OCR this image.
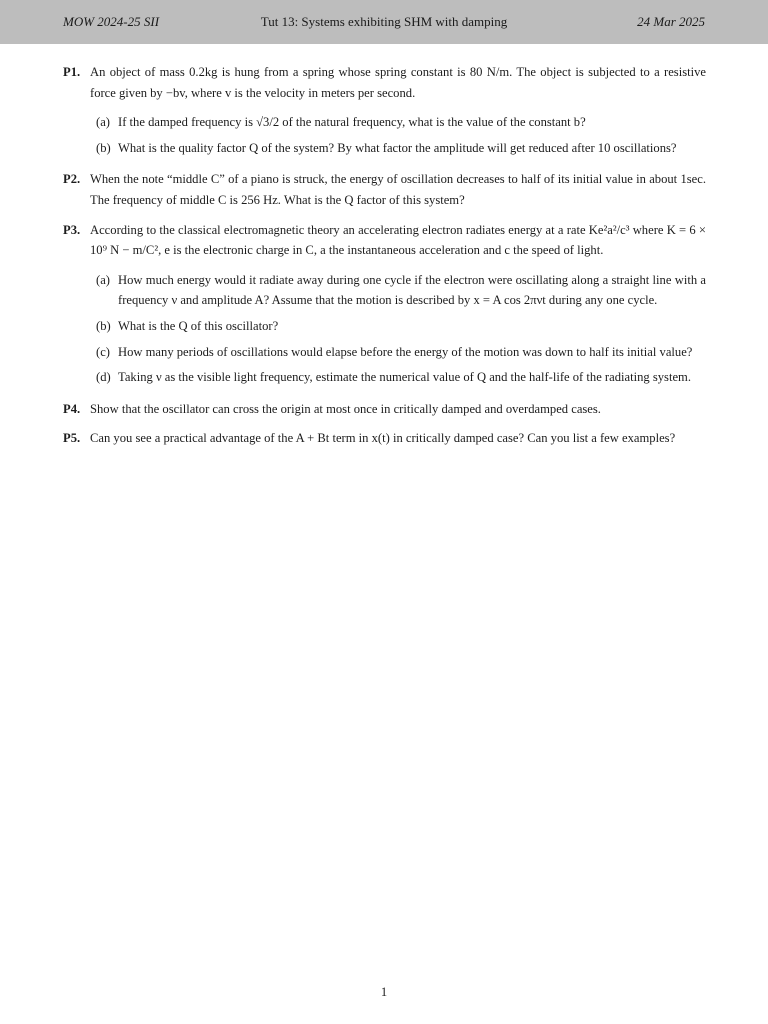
MOW 2024-25 SII	Tut 13: Systems exhibiting SHM with damping	24 Mar 2025
P1. An object of mass 0.2kg is hung from a spring whose spring constant is 80 N/m. The object is subjected to a resistive force given by −bv, where v is the velocity in meters per second.
(a) If the damped frequency is √3/2 of the natural frequency, what is the value of the constant b?
(b) What is the quality factor Q of the system? By what factor the amplitude will get reduced after 10 oscillations?
P2. When the note “middle C” of a piano is struck, the energy of oscillation decreases to half of its initial value in about 1sec. The frequency of middle C is 256 Hz. What is the Q factor of this system?
P3. According to the classical electromagnetic theory an accelerating electron radiates energy at a rate Ke²a²/c³ where K = 6 × 10⁹ N − m/C², e is the electronic charge in C, a the instantaneous acceleration and c the speed of light.
(a) How much energy would it radiate away during one cycle if the electron were oscillating along a straight line with a frequency ν and amplitude A? Assume that the motion is described by x = A cos 2πνt during any one cycle.
(b) What is the Q of this oscillator?
(c) How many periods of oscillations would elapse before the energy of the motion was down to half its initial value?
(d) Taking ν as the visible light frequency, estimate the numerical value of Q and the half-life of the radiating system.
P4. Show that the oscillator can cross the origin at most once in critically damped and overdamped cases.
P5. Can you see a practical advantage of the A + Bt term in x(t) in critically damped case? Can you list a few examples?
1
